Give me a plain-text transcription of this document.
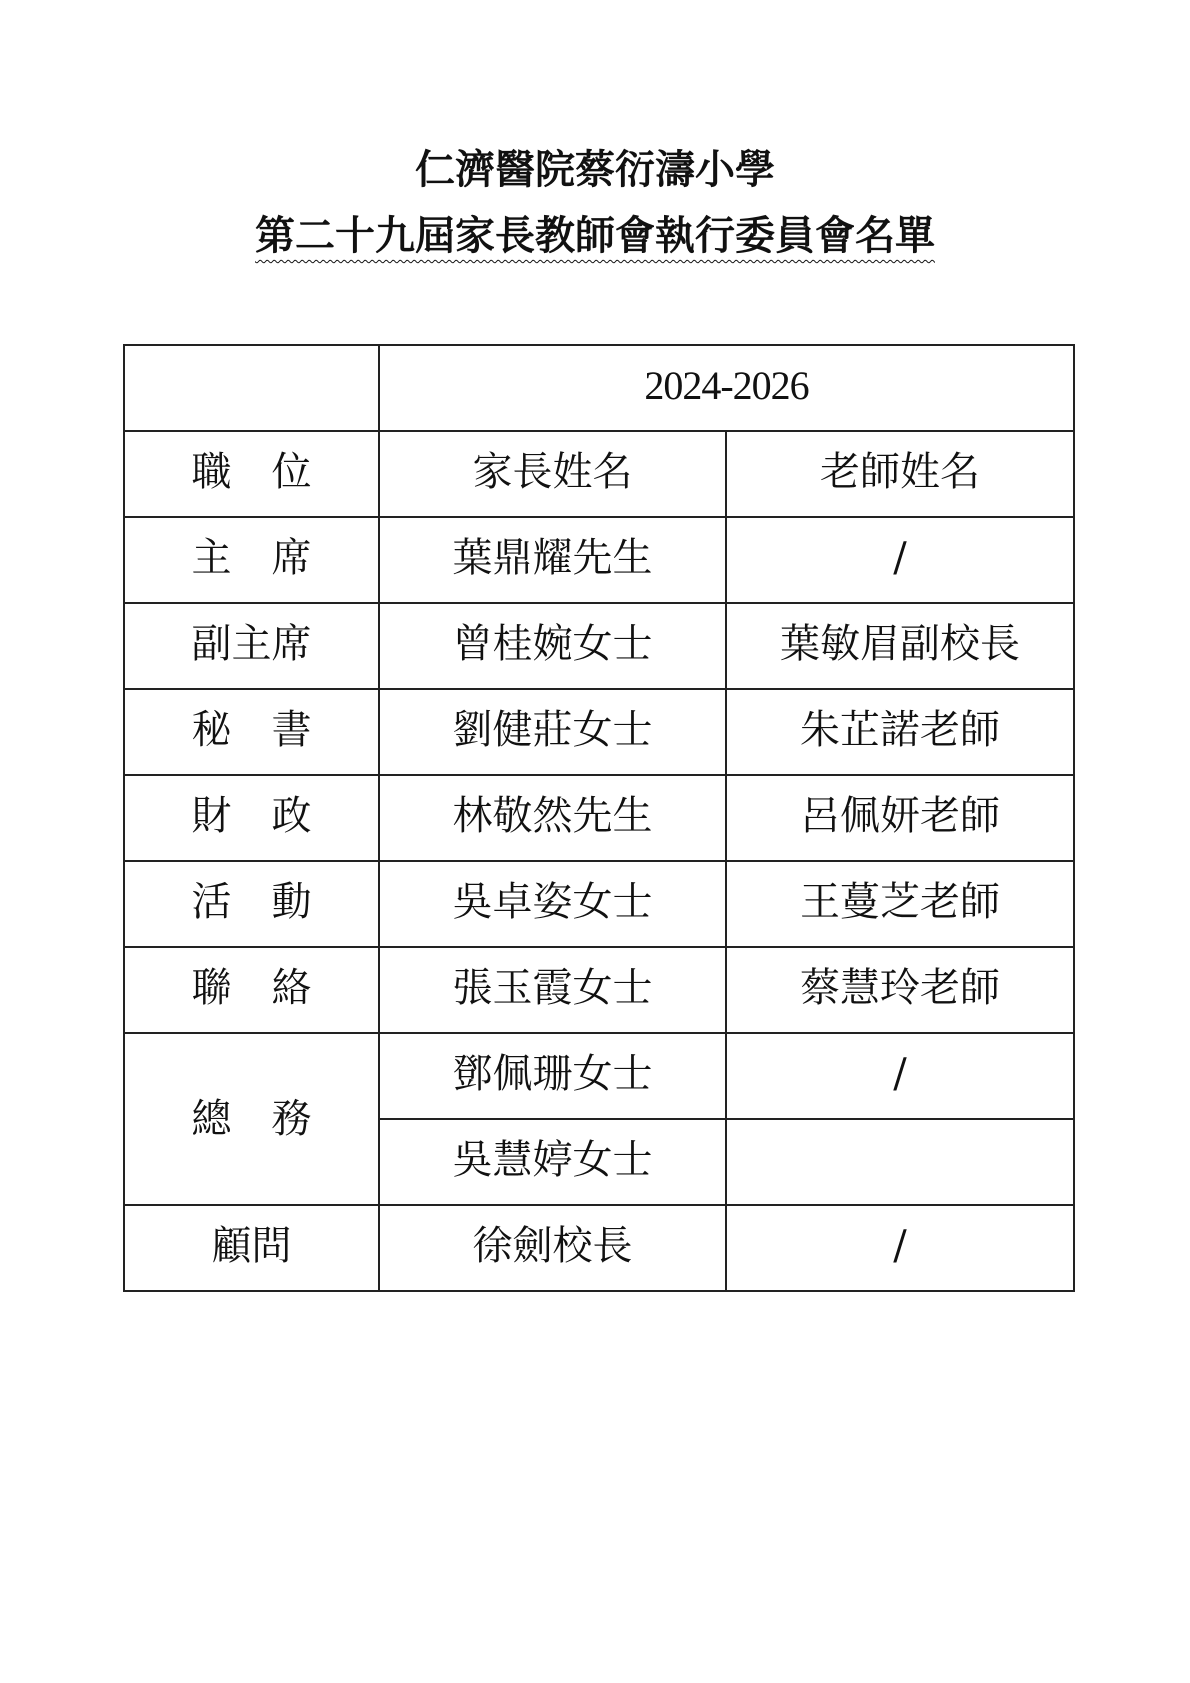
仁濟醫院蔡衍濤小學
第二十九屆家長教師會執行委員會名單

	2024-2026	

職　位	家長姓名	老師姓名

主　席	葉鼎耀先生	/

副主席	曾桂婉女士	葉敏眉副校長

秘　書	劉健莊女士	朱芷諾老師

財　政	林敬然先生	呂佩妍老師

活　動	吳卓姿女士	王蔓芝老師

聯　絡	張玉霞女士	蔡慧玲老師

總　務	鄧佩珊女士	/

	吳慧婷女士	

顧問	徐劍校長	/
